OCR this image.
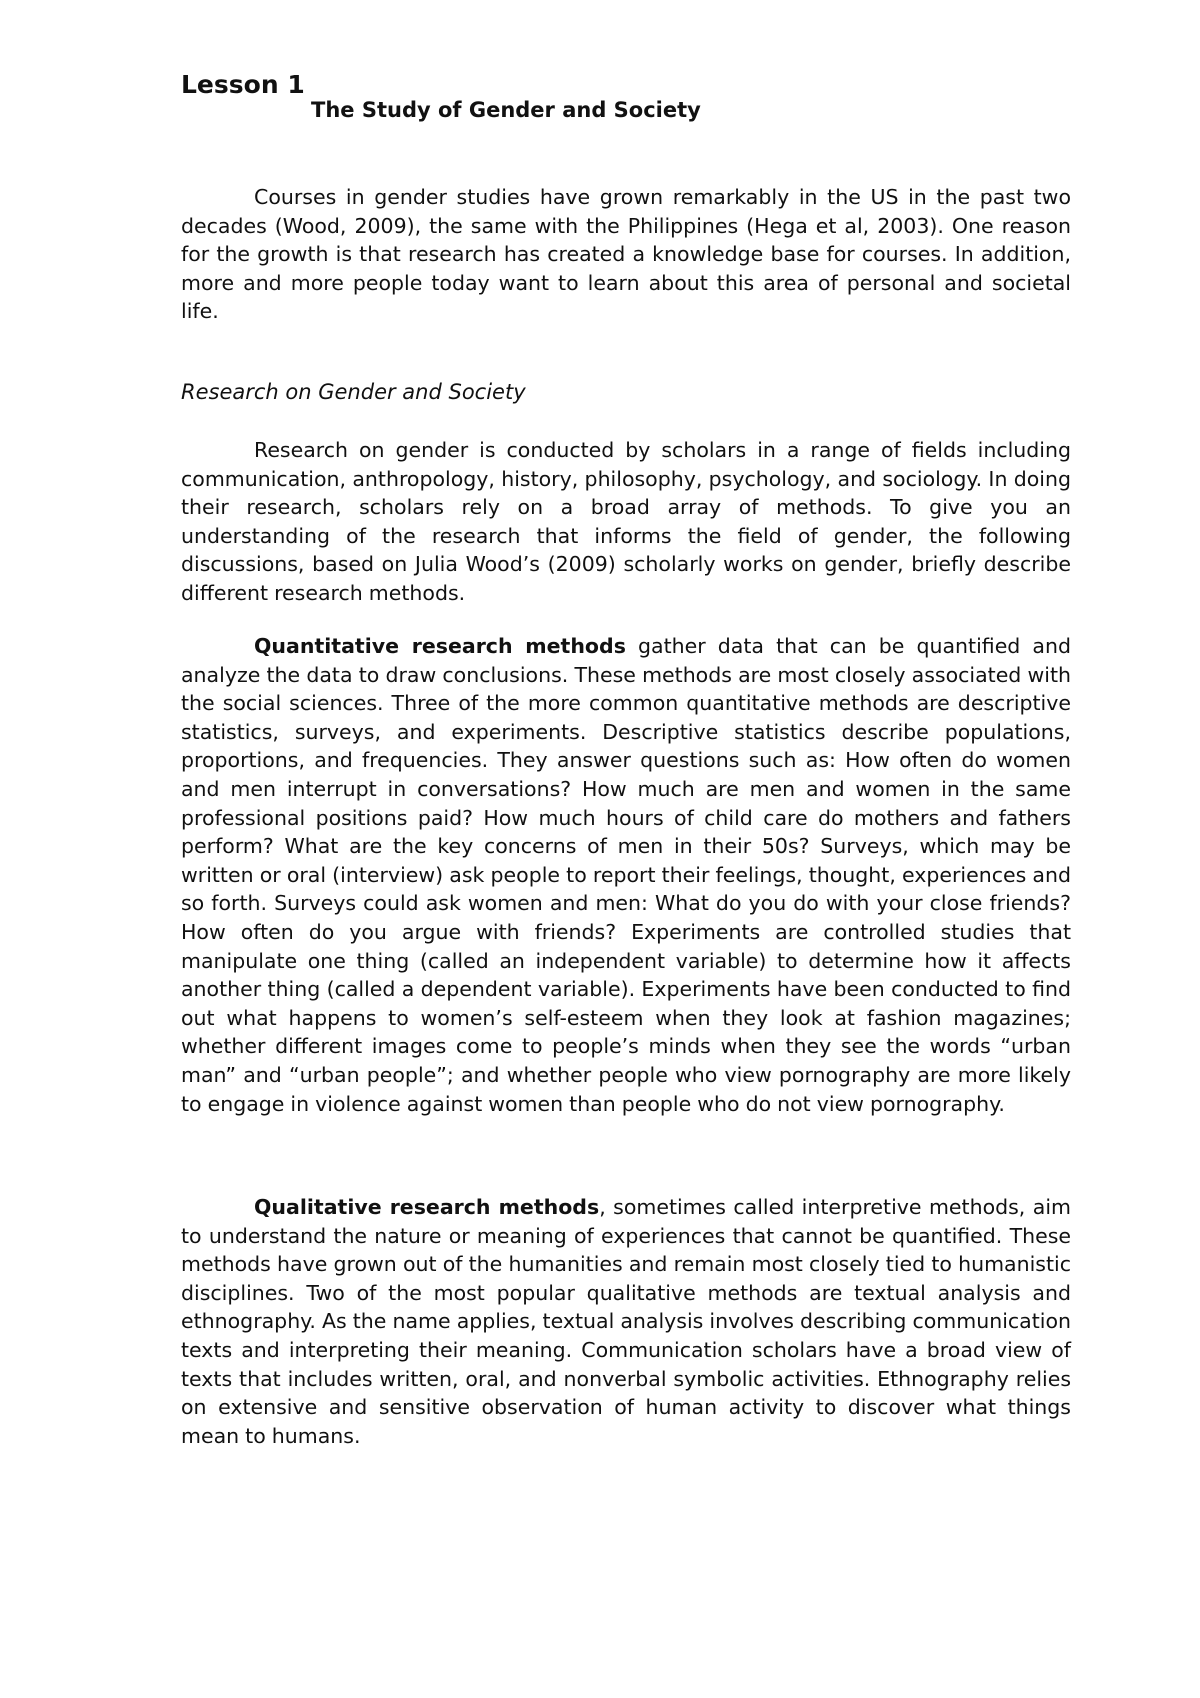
Lesson 1
The Study of Gender and Society

Courses in gender studies have grown remarkably in the US in the past two decades (Wood, 2009), the same with the Philippines (Hega et al, 2003). One reason for the growth is that research has created a knowledge base for courses. In addition, more and more people today want to learn about this area of personal and societal life.

Research on Gender and Society

Research on gender is conducted by scholars in a range of fields including communication, anthropology, history, philosophy, psychology, and sociology. In doing their research, scholars rely on a broad array of methods. To give you an understanding of the research that informs the field of gender, the following discussions, based on Julia Wood’s (2009) scholarly works on gender, briefly describe different research methods.

Quantitative research methods gather data that can be quantified and analyze the data to draw conclusions. These methods are most closely associated with the social sciences. Three of the more common quantitative methods are descriptive statistics, surveys, and experiments. Descriptive statistics describe populations, proportions, and frequencies. They answer questions such as: How often do women and men interrupt in conversations? How much are men and women in the same professional positions paid? How much hours of child care do mothers and fathers perform? What are the key concerns of men in their 50s? Surveys, which may be written or oral (interview) ask people to report their feelings, thought, experiences and so forth. Surveys could ask women and men: What do you do with your close friends? How often do you argue with friends? Experiments are controlled studies that manipulate one thing (called an independent variable) to determine how it affects another thing (called a dependent variable). Experiments have been conducted to find out what happens to women’s self-esteem when they look at fashion magazines; whether different images come to people’s minds when they see the words “urban man” and “urban people”; and whether people who view pornography are more likely to engage in violence against women than people who do not view pornography.

Qualitative research methods, sometimes called interpretive methods, aim to understand the nature or meaning of experiences that cannot be quantified. These methods have grown out of the humanities and remain most closely tied to humanistic disciplines. Two of the most popular qualitative methods are textual analysis and ethnography. As the name applies, textual analysis involves describing communication texts and interpreting their meaning. Communication scholars have a broad view of texts that includes written, oral, and nonverbal symbolic activities. Ethnography relies on extensive and sensitive observation of human activity to discover what things mean to humans.
